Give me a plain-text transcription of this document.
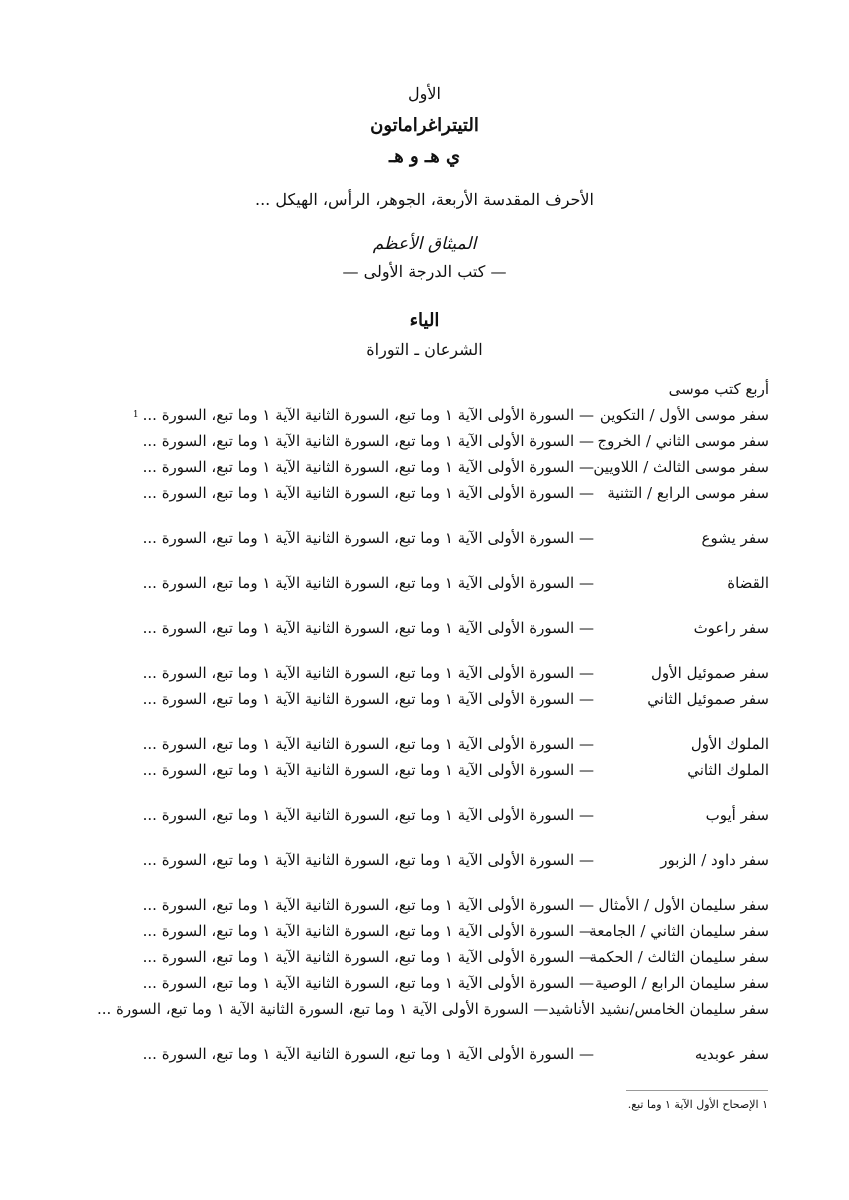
الأول
التيتراغراماتون
ي هـ و هـ
الأحرف المقدسة الأربعة، الجوهر، الرأس، الهيكل ...
الميثاق الأعظم
— كتب الدرجة الأولى —
الياء
الشرعان ـ التوراة
أربع كتب موسى
سفر موسى الأول / التكوين
— السورة الأولى الآية ١ وما تبع، السورة الثانية الآية ١ وما تبع، السورة ...
1
سفر موسى الثاني / الخروج
— السورة الأولى الآية ١ وما تبع، السورة الثانية الآية ١ وما تبع، السورة ...
سفر موسى الثالث / اللاويين
— السورة الأولى الآية ١ وما تبع، السورة الثانية الآية ١ وما تبع، السورة ...
سفر موسى الرابع / التثنية
— السورة الأولى الآية ١ وما تبع، السورة الثانية الآية ١ وما تبع، السورة ...
سفر يشوع
— السورة الأولى الآية ١ وما تبع، السورة الثانية الآية ١ وما تبع، السورة ...
القضاة
— السورة الأولى الآية ١ وما تبع، السورة الثانية الآية ١ وما تبع، السورة ...
سفر راعوث
— السورة الأولى الآية ١ وما تبع، السورة الثانية الآية ١ وما تبع، السورة ...
سفر صموئيل الأول
— السورة الأولى الآية ١ وما تبع، السورة الثانية الآية ١ وما تبع، السورة ...
سفر صموئيل الثاني
— السورة الأولى الآية ١ وما تبع، السورة الثانية الآية ١ وما تبع، السورة ...
الملوك الأول
— السورة الأولى الآية ١ وما تبع، السورة الثانية الآية ١ وما تبع، السورة ...
الملوك الثاني
— السورة الأولى الآية ١ وما تبع، السورة الثانية الآية ١ وما تبع، السورة ...
سفر أيوب
— السورة الأولى الآية ١ وما تبع، السورة الثانية الآية ١ وما تبع، السورة ...
سفر داود / الزبور
— السورة الأولى الآية ١ وما تبع، السورة الثانية الآية ١ وما تبع، السورة ...
سفر سليمان الأول / الأمثال
— السورة الأولى الآية ١ وما تبع، السورة الثانية الآية ١ وما تبع، السورة ...
سفر سليمان الثاني / الجامعة
— السورة الأولى الآية ١ وما تبع، السورة الثانية الآية ١ وما تبع، السورة ...
سفر سليمان الثالث / الحكمة
— السورة الأولى الآية ١ وما تبع، السورة الثانية الآية ١ وما تبع، السورة ...
سفر سليمان الرابع / الوصية
— السورة الأولى الآية ١ وما تبع، السورة الثانية الآية ١ وما تبع، السورة ...
سفر سليمان الخامس/نشيد الأناشيد
— السورة الأولى الآية ١ وما تبع، السورة الثانية الآية ١ وما تبع، السورة ...
سفر عوبديه
— السورة الأولى الآية ١ وما تبع، السورة الثانية الآية ١ وما تبع، السورة ...
١ الإصحاح الأول الآية ١ وما تبع.
